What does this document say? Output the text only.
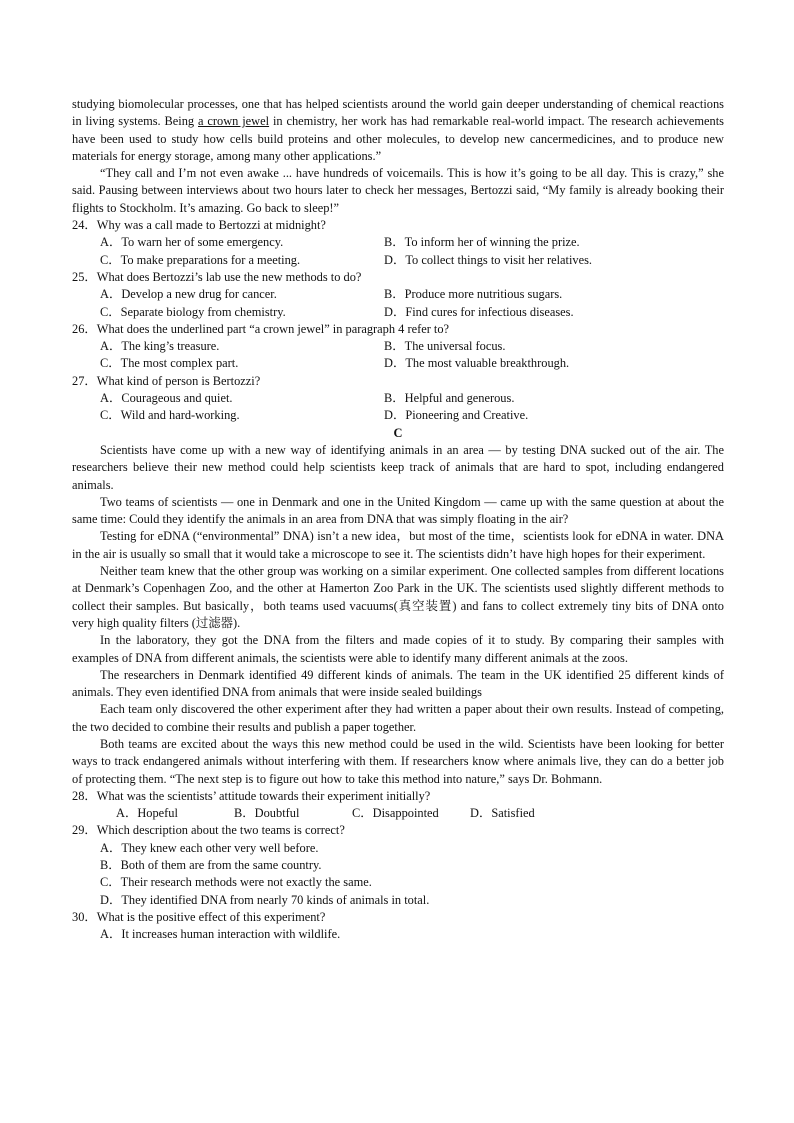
studying biomolecular processes, one that has helped scientists around the world gain deeper understanding of chemical reactions in living systems. Being a crown jewel in chemistry, her work has had remarkable real-world impact. The research achievements have been used to study how cells build proteins and other molecules, to develop new cancermedicines, and to produce new materials for energy storage, among many other applications.”

“They call and I’m not even awake ... have hundreds of voicemails. This is how it’s going to be all day. This is crazy,” she said. Pausing between interviews about two hours later to check her messages, Bertozzi said, “My family is already booking their flights to Stockholm. It’s amazing. Go back to sleep!”

24．Why was a call made to Bertozzi at midnight?

A．To warn her of some emergency.	B．To inform her of winning the prize.
C．To make preparations for a meeting.	D．To collect things to visit her relatives.

25．What does Bertozzi’s lab use the new methods to do?

A．Develop a new drug for cancer.	B．Produce more nutritious sugars.
C．Separate biology from chemistry.	D．Find cures for infectious diseases.

26．What does the underlined part “a crown jewel” in paragraph 4 refer to?

A．The king’s treasure.	B．The universal focus.
C．The most complex part.	D．The most valuable breakthrough.

27．What kind of person is Bertozzi?

A．Courageous and quiet.	B．Helpful and generous.
C．Wild and hard-working.	D．Pioneering and Creative.

C

Scientists have come up with a new way of identifying animals in an area — by testing DNA sucked out of the air. The researchers believe their new method could help scientists keep track of animals that are hard to spot, including endangered animals.

Two teams of scientists — one in Denmark and one in the United Kingdom — came up with the same question at about the same time: Could they identify the animals in an area from DNA that was simply floating in the air?

Testing for eDNA (“environmental” DNA) isn’t a new idea，but most of the time，scientists look for eDNA in water. DNA in the air is usually so small that it would take a microscope to see it. The scientists didn’t have high hopes for their experiment.

Neither team knew that the other group was working on a similar experiment. One collected samples from different locations at Denmark’s Copenhagen Zoo, and the other at Hamerton Zoo Park in the UK. The scientists used slightly different methods to collect their samples. But basically，both teams used vacuums(真空装置) and fans to collect extremely tiny bits of DNA onto very high quality filters (过滤器).

In the laboratory, they got the DNA from the filters and made copies of it to study. By comparing their samples with examples of DNA from different animals, the scientists were able to identify many different animals at the zoos.

The researchers in Denmark identified 49 different kinds of animals. The team in the UK identified 25 different kinds of animals. They even identified DNA from animals that were inside sealed buildings

Each team only discovered the other experiment after they had written a paper about their own results. Instead of competing, the two decided to combine their results and publish a paper together.

Both teams are excited about the ways this new method could be used in the wild. Scientists have been looking for better ways to track endangered animals without interfering with them. If researchers know where animals live, they can do a better job of protecting them. “The next step is to figure out how to take this method into nature,” says Dr. Bohmann.

28．What was the scientists’ attitude towards their experiment initially?

A．Hopeful	B．Doubtful	C．Disappointed	D．Satisfied

29．Which description about the two teams is correct?

A．They knew each other very well before.
B．Both of them are from the same country.
C．Their research methods were not exactly the same.
D．They identified DNA from nearly 70 kinds of animals in total.

30．What is the positive effect of this experiment?

A．It increases human interaction with wildlife.
